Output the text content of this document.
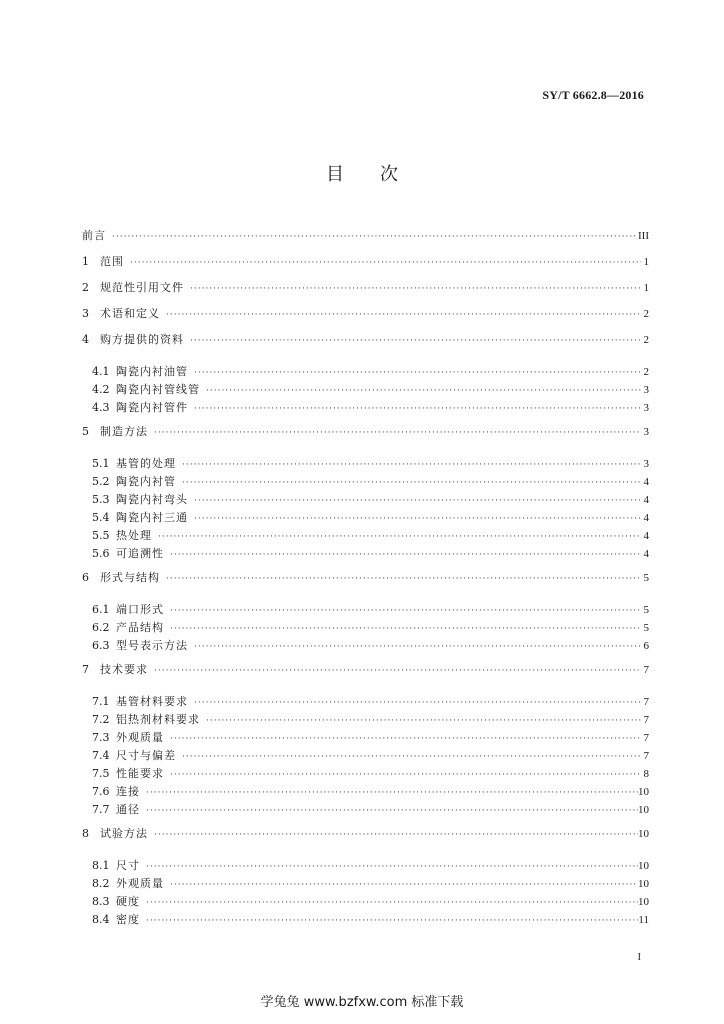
SY/T 6662.8—2016
目 次
前言 ·····	III
1	范围 ·····	1
2	规范性引用文件 ·····	1
3	术语和定义 ·····	2
4	购方提供的资料 ·····	2
4.1 陶瓷内衬油管 ·····	2
4.2 陶瓷内衬管线管 ·····	3
4.3 陶瓷内衬管件 ·····	3
5	制造方法 ·····	3
5.1 基管的处理 ·····	3
5.2 陶瓷内衬管 ·····	4
5.3 陶瓷内衬弯头 ·····	4
5.4 陶瓷内衬三通 ·····	4
5.5 热处理 ·····	4
5.6 可追溯性 ·····	4
6	形式与结构 ·····	5
6.1 端口形式 ·····	5
6.2 产品结构 ·····	5
6.3 型号表示方法 ·····	6
7	技术要求 ·····	7
7.1 基管材料要求 ·····	7
7.2 铝热剂材料要求 ·····	7
7.3 外观质量 ·····	7
7.4 尺寸与偏差 ·····	7
7.5 性能要求 ·····	8
7.6 连接 ·····	10
7.7 通径 ·····	10
8	试验方法 ·····	10
8.1 尺寸 ·····	10
8.2 外观质量 ·····	10
8.3 硬度 ·····	10
8.4 密度 ·····	11
I
学兔兔 www.bzfxw.com 标准下载
